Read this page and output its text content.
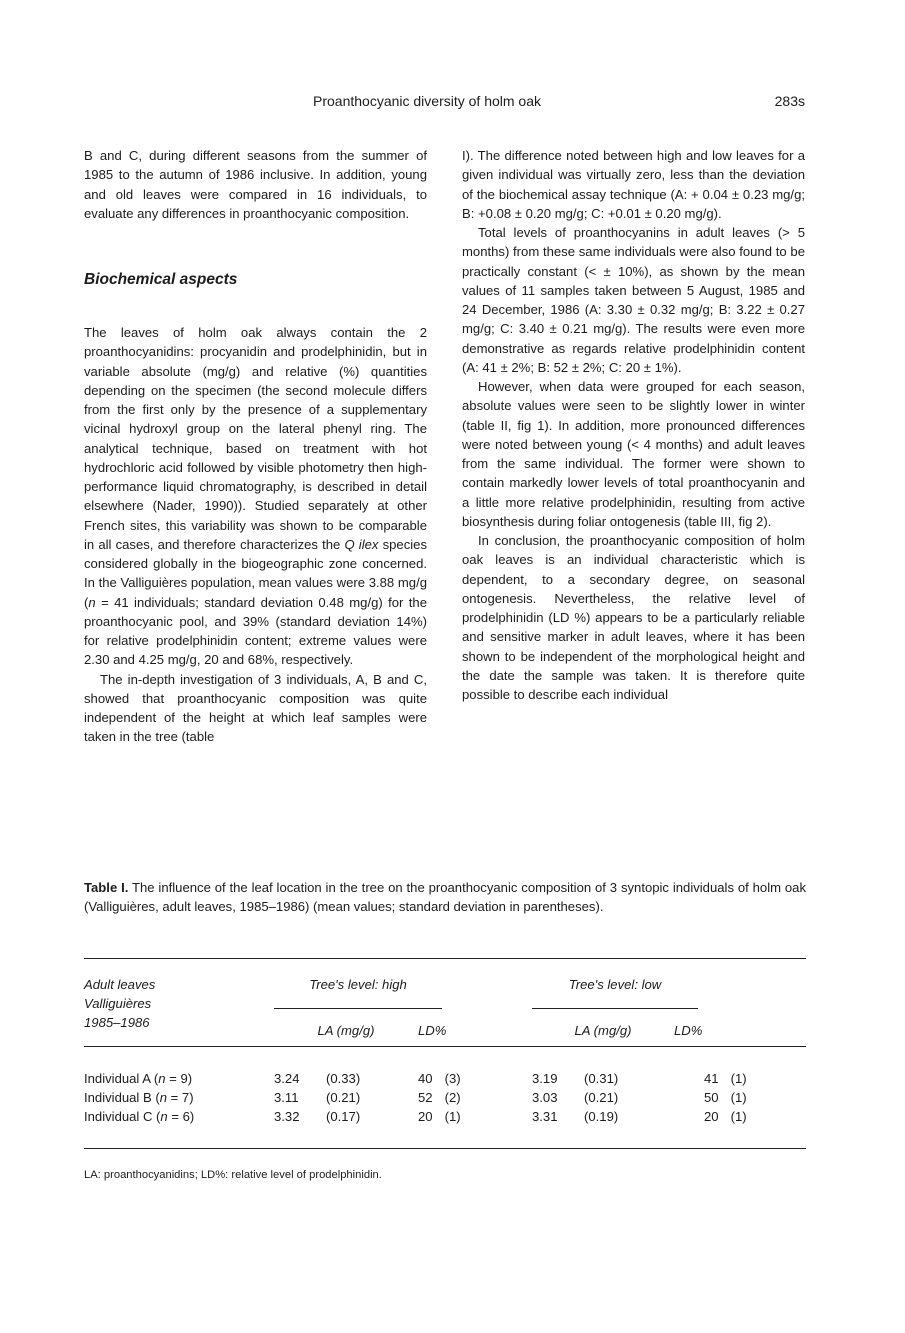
Proanthocyanic diversity of holm oak	283s

B and C, during different seasons from the summer of 1985 to the autumn of 1986 inclusive. In addition, young and old leaves were compared in 16 individuals, to evaluate any differences in proanthocyanic composition.

Biochemical aspects

The leaves of holm oak always contain the 2 proanthocyanidins: procyanidin and prodelphinidin, but in variable absolute (mg/g) and relative (%) quantities depending on the specimen (the second molecule differs from the first only by the presence of a supplementary vicinal hydroxyl group on the lateral phenyl ring. The analytical technique, based on treatment with hot hydrochloric acid followed by visible photometry then high-performance liquid chromatography, is described in detail elsewhere (Nader, 1990)). Studied separately at other French sites, this variability was shown to be comparable in all cases, and therefore characterizes the Q ilex species considered globally in the biogeographic zone concerned. In the Valliguières population, mean values were 3.88 mg/g (n = 41 individuals; standard deviation 0.48 mg/g) for the proanthocyanic pool, and 39% (standard deviation 14%) for relative prodelphinidin content; extreme values were 2.30 and 4.25 mg/g, 20 and 68%, respectively.

The in-depth investigation of 3 individuals, A, B and C, showed that proanthocyanic composition was quite independent of the height at which leaf samples were taken in the tree (table

I). The difference noted between high and low leaves for a given individual was virtually zero, less than the deviation of the biochemical assay technique (A: + 0.04 ± 0.23 mg/g; B: +0.08 ± 0.20 mg/g; C: +0.01 ± 0.20 mg/g).

Total levels of proanthocyanins in adult leaves (> 5 months) from these same individuals were also found to be practically constant (< ± 10%), as shown by the mean values of 11 samples taken between 5 August, 1985 and 24 December, 1986 (A: 3.30 ± 0.32 mg/g; B: 3.22 ± 0.27 mg/g; C: 3.40 ± 0.21 mg/g). The results were even more demonstrative as regards relative prodelphinidin content (A: 41 ± 2%; B: 52 ± 2%; C: 20 ± 1%).

However, when data were grouped for each season, absolute values were seen to be slightly lower in winter (table II, fig 1). In addition, more pronounced differences were noted between young (< 4 months) and adult leaves from the same individual. The former were shown to contain markedly lower levels of total proanthocyanin and a little more relative prodelphinidin, resulting from active biosynthesis during foliar ontogenesis (table III, fig 2).

In conclusion, the proanthocyanic composition of holm oak leaves is an individual characteristic which is dependent, to a secondary degree, on seasonal ontogenesis. Nevertheless, the relative level of prodelphinidin (LD %) appears to be a particularly reliable and sensitive marker in adult leaves, where it has been shown to be independent of the morphological height and the date the sample was taken. It is therefore quite possible to describe each individual

Table I. The influence of the leaf location in the tree on the proanthocyanic composition of 3 syntopic individuals of holm oak (Valliguières, adult leaves, 1985–1986) (mean values; standard deviation in parentheses).

Adult leaves
Valliguières
1985–1986	Tree's level: high				Tree's level: low			

	LA (mg/g)		LD%		LA (mg/g)		LD%	
Individual A (n = 9)	3.24	(0.33)	40 (3)		3.19	(0.31)	41 (1)	
Individual B (n = 7)	3.11	(0.21)	52 (2)		3.03	(0.21)	50 (1)	
Individual C (n = 6)	3.32	(0.17)	20 (1)		3.31	(0.19)	20 (1)	

LA: proanthocyanidins; LD%: relative level of prodelphinidin.
